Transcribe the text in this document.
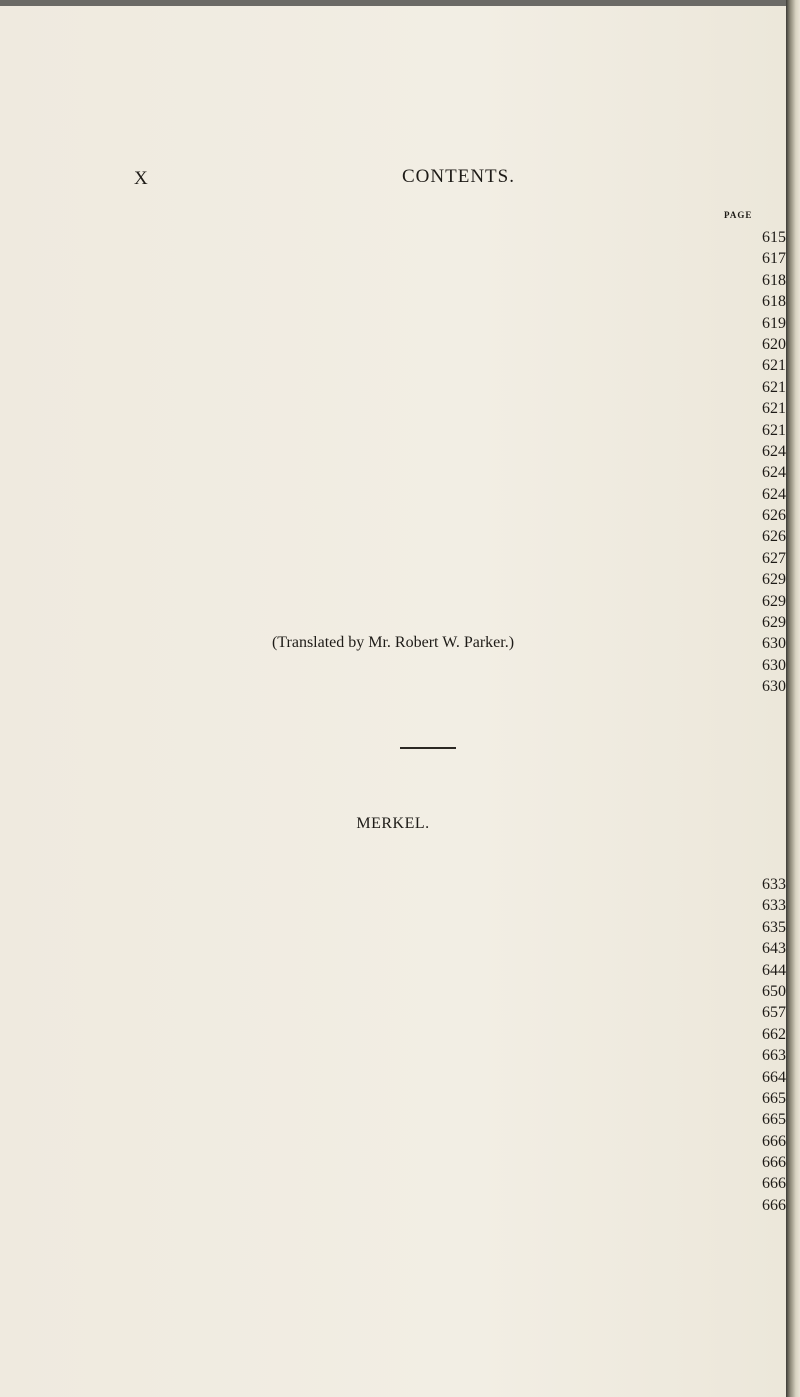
X	CONTENTS.
PAGE
615
617
618
618
619
620
621
621
621
621
624
624
624
626
626
627
629
629
629
630
630
630
(Translated by Mr. Robert W. Parker.)
MERKEL.
633
633
635
643
644
650
657
662
663
664
665
665
666
666
666
666
